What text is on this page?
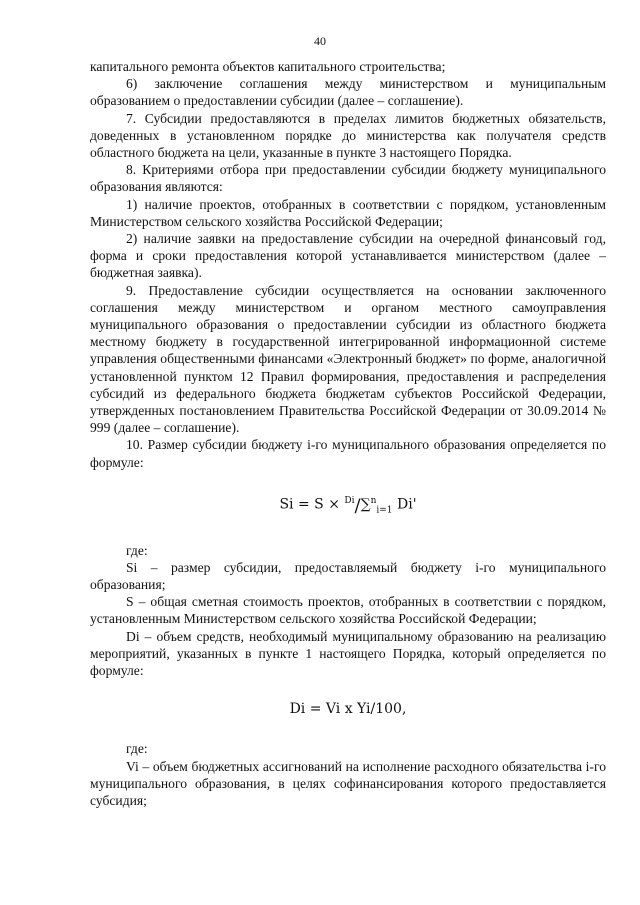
40

капитального ремонта объектов капитального строительства;

6) заключение соглашения между министерством и муниципальным образованием о предоставлении субсидии (далее – соглашение).

7. Субсидии предоставляются в пределах лимитов бюджетных обязательств, доведенных в установленном порядке до министерства как получателя средств областного бюджета на цели, указанные в пункте 3 настоящего Порядка.

8. Критериями отбора при предоставлении субсидии бюджету муниципального образования являются:

1) наличие проектов, отобранных в соответствии с порядком, установленным Министерством сельского хозяйства Российской Федерации;

2) наличие заявки на предоставление субсидии на очередной финансовый год, форма и сроки предоставления которой устанавливается министерством (далее – бюджетная заявка).

9. Предоставление субсидии осуществляется на основании заключенного соглашения между министерством и органом местного самоуправления муниципального образования о предоставлении субсидии из областного бюджета местному бюджету в государственной интегрированной информационной системе управления общественными финансами «Электронный бюджет» по форме, аналогичной установленной пунктом 12 Правил формирования, предоставления и распределения субсидий из федерального бюджета бюджетам субъектов Российской Федерации, утвержденных постановлением Правительства Российской Федерации от 30.09.2014 № 999 (далее – соглашение).

10. Размер субсидии бюджету i-го муниципального образования определяется по формуле:

Si = S × $^{Di}$/∑$^n_{i=1}$ Di'

где:

Si – размер субсидии, предоставляемый бюджету i-го муниципального образования;

S – общая сметная стоимость проектов, отобранных в соответствии с порядком, установленным Министерством сельского хозяйства Российской Федерации;

Di – объем средств, необходимый муниципальному образованию на реализацию мероприятий, указанных в пункте 1 настоящего Порядка, который определяется по формуле:

Di = Vi x Yi/100,

где:

Vi – объем бюджетных ассигнований на исполнение расходного обязательства i-го муниципального образования, в целях софинансирования которого предоставляется субсидия;
